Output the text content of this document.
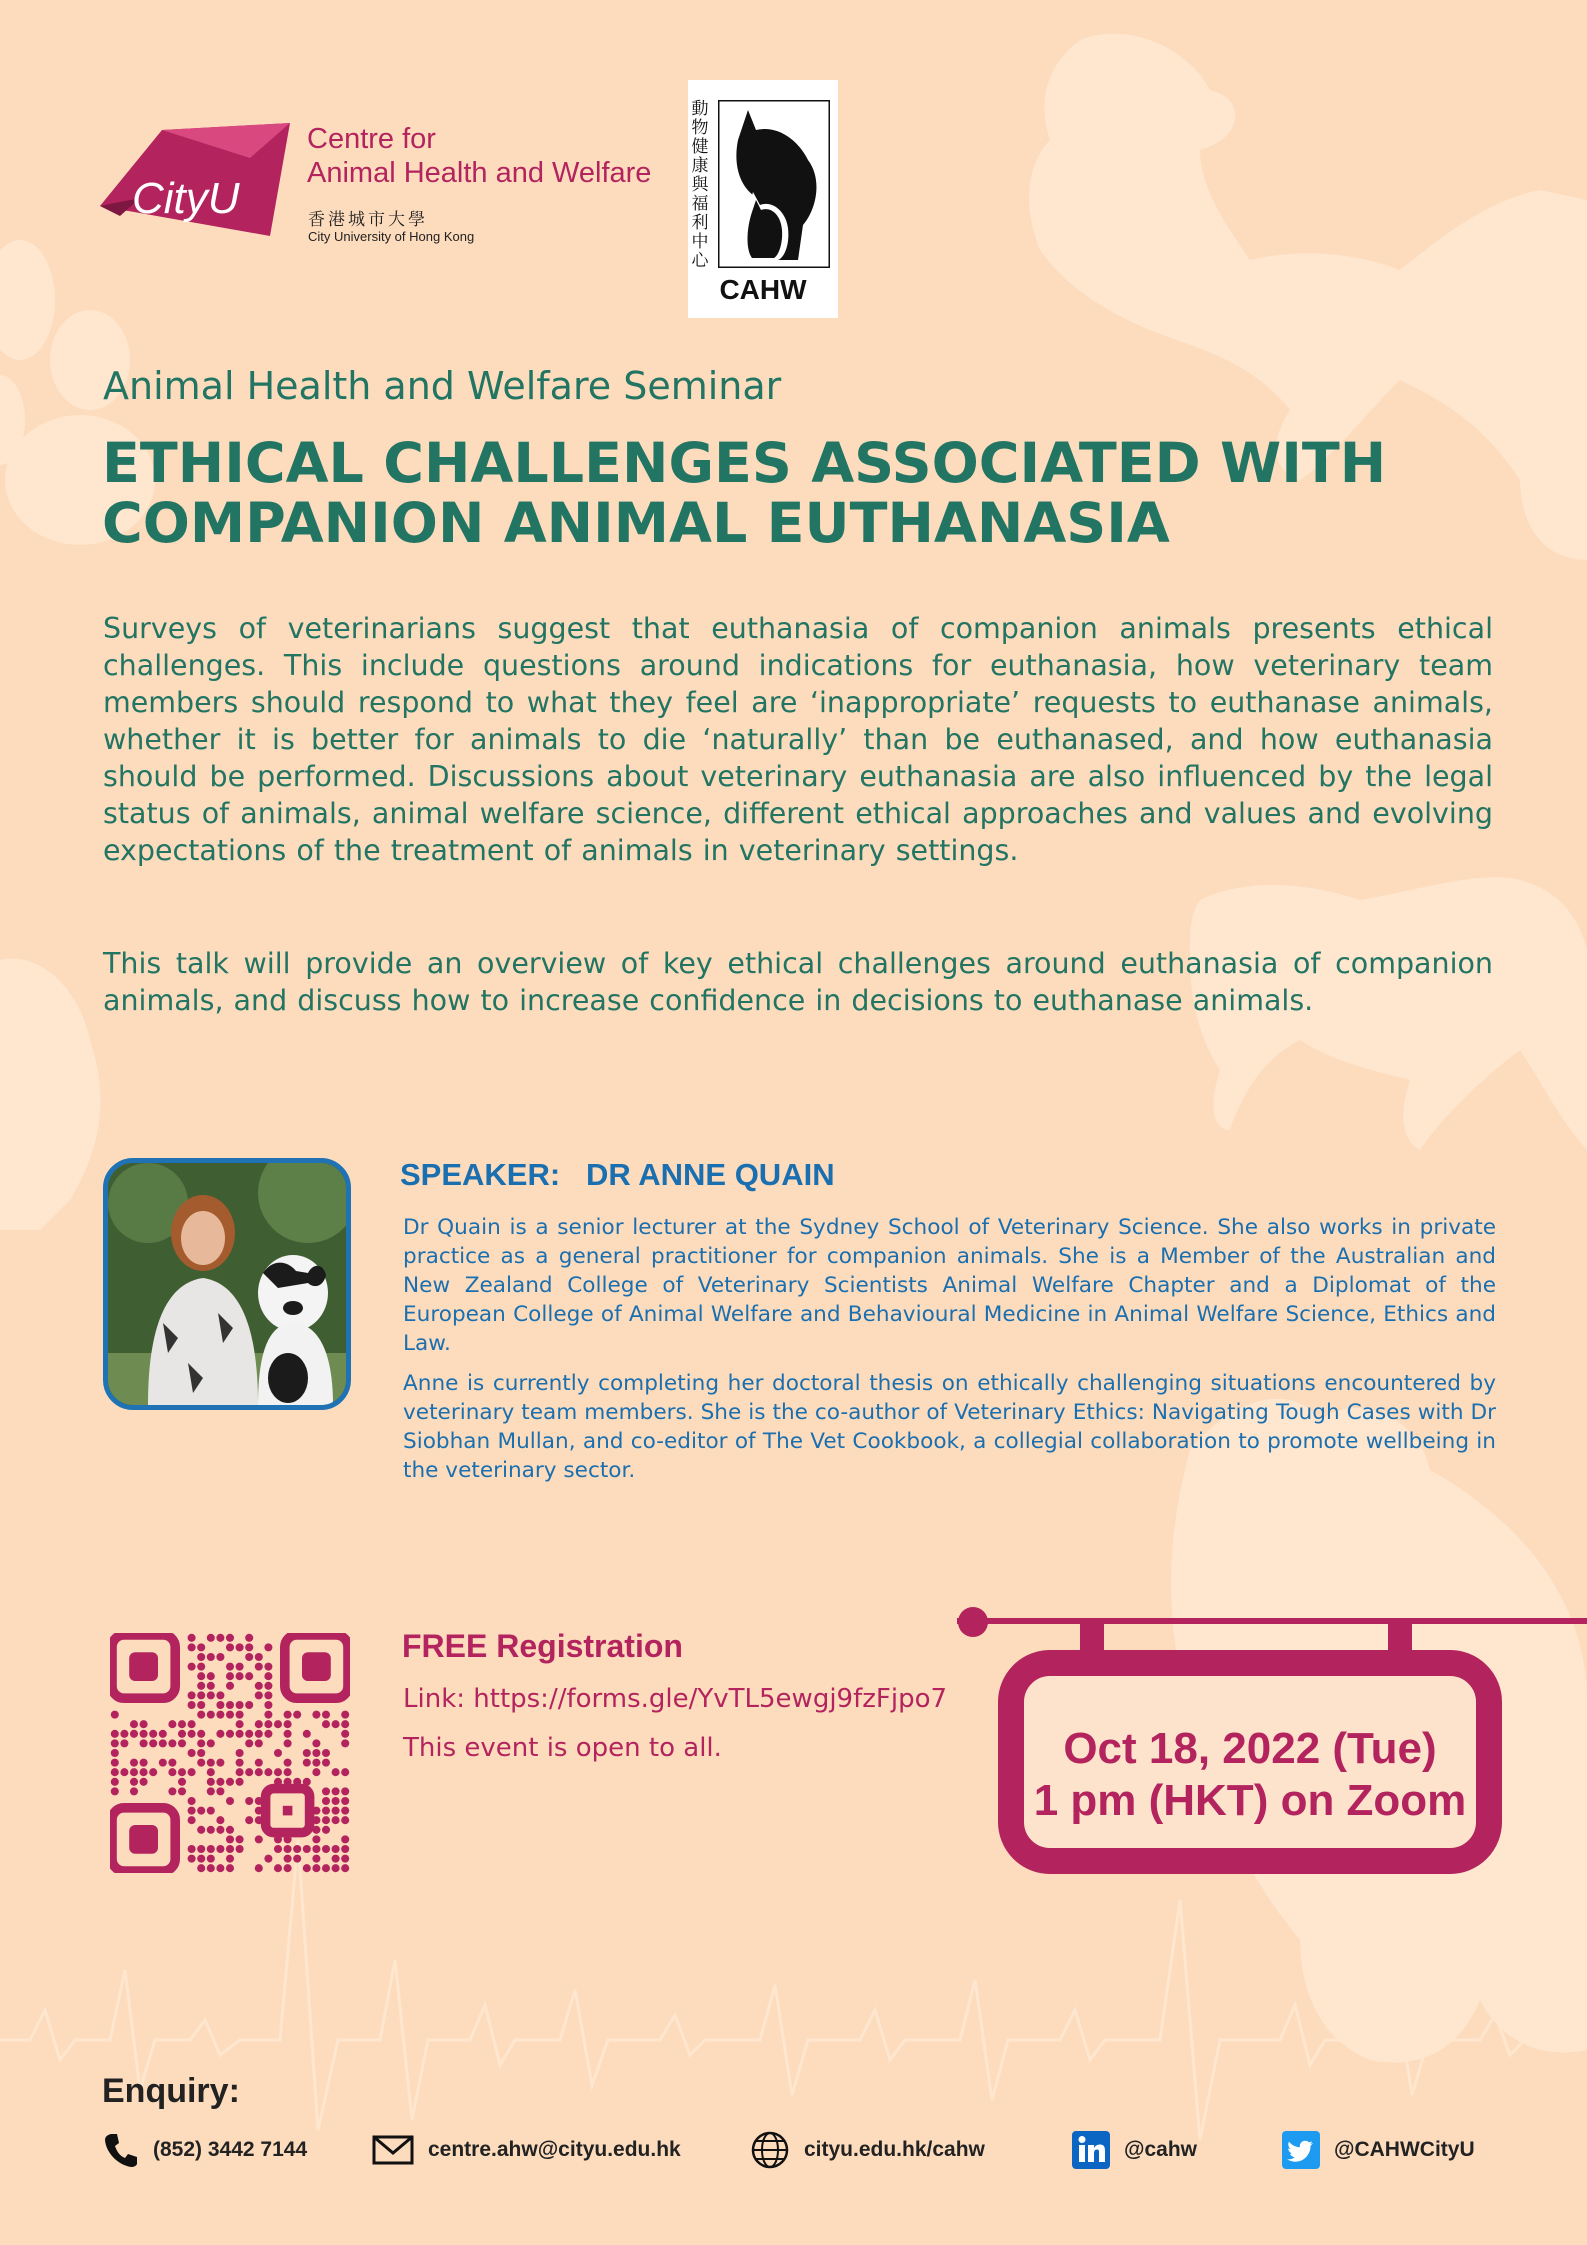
CityU
Centre for
Animal Health and Welfare
香港城市大學
City University of Hong Kong
動物健康與福利中心
CAHW
Animal Health and Welfare Seminar
ETHICAL CHALLENGES ASSOCIATED WITH
COMPANION ANIMAL EUTHANASIA
Surveys of veterinarians suggest that euthanasia of companion animals presents ethical challenges. This include questions around indications for euthanasia, how veterinary team members should respond to what they feel are ‘inappropriate’ requests to euthanase animals, whether it is better for animals to die ‘naturally’ than be euthanased, and how euthanasia should be performed. Discussions about veterinary euthanasia are also influenced by the legal status of animals, animal welfare science, different ethical approaches and values and evolving expectations of the treatment of animals in veterinary settings.
This talk will provide an overview of key ethical challenges around euthanasia of companion animals, and discuss how to increase confidence in decisions to euthanase animals.
SPEAKER: DR ANNE QUAIN
Dr Quain is a senior lecturer at the Sydney School of Veterinary Science. She also works in private practice as a general practitioner for companion animals. She is a Member of the Australian and New Zealand College of Veterinary Scientists Animal Welfare Chapter and a Diplomat of the European College of Animal Welfare and Behavioural Medicine in Animal Welfare Science, Ethics and Law.
Anne is currently completing her doctoral thesis on ethically challenging situations encountered by veterinary team members. She is the co-author of Veterinary Ethics: Navigating Tough Cases with Dr Siobhan Mullan, and co-editor of The Vet Cookbook, a collegial collaboration to promote wellbeing in the veterinary sector.
FREE Registration
Link: https://forms.gle/YvTL5ewgj9fzFjpo7
This event is open to all.	Oct 18, 2022 (Tue)
1 pm (HKT) on Zoom
Enquiry:
(852) 3442 7144	centre.ahw@cityu.edu.hk	cityu.edu.hk/cahw	@cahw	@CAHWCityU
